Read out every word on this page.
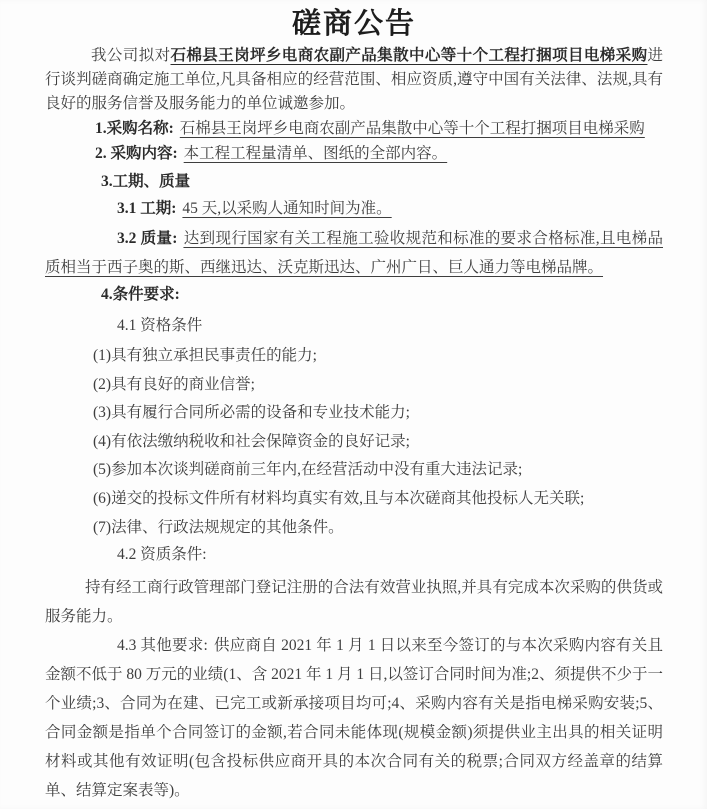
磋商公告

我公司拟对石棉县王岗坪乡电商农副产品集散中心等十个工程打捆项目电梯采购进行谈判磋商确定施工单位,凡具备相应的经营范围、相应资质,遵守中国有关法律、法规,具有良好的服务信誉及服务能力的单位诚邀参加。

1.采购名称: 石棉县王岗坪乡电商农副产品集散中心等十个工程打捆项目电梯采购

2. 采购内容: 本工程工程量清单、图纸的全部内容。

3.工期、质量

3.1 工期: 45 天,以采购人通知时间为准。

3.2 质量: 达到现行国家有关工程施工验收规范和标准的要求合格标准,且电梯品质相当于西子奥的斯、西继迅达、沃克斯迅达、广州广日、巨人通力等电梯品牌。

4.条件要求:

4.1 资格条件

(1)具有独立承担民事责任的能力;

(2)具有良好的商业信誉;

(3)具有履行合同所必需的设备和专业技术能力;

(4)有依法缴纳税收和社会保障资金的良好记录;

(5)参加本次谈判磋商前三年内,在经营活动中没有重大违法记录;

(6)递交的投标文件所有材料均真实有效,且与本次磋商其他投标人无关联;

(7)法律、行政法规规定的其他条件。

4.2 资质条件:

持有经工商行政管理部门登记注册的合法有效营业执照,并具有完成本次采购的供货或服务能力。

4.3 其他要求: 供应商自 2021 年 1 月 1 日以来至今签订的与本次采购内容有关且金额不低于 80 万元的业绩(1、含 2021 年 1 月 1 日,以签订合同时间为准;2、须提供不少于一个业绩;3、合同为在建、已完工或新承接项目均可;4、采购内容有关是指电梯采购安装;5、合同金额是指单个合同签订的金额,若合同未能体现(规模金额)须提供业主出具的相关证明材料或其他有效证明(包含投标供应商开具的本次合同有关的税票;合同双方经盖章的结算单、结算定案表等)。
